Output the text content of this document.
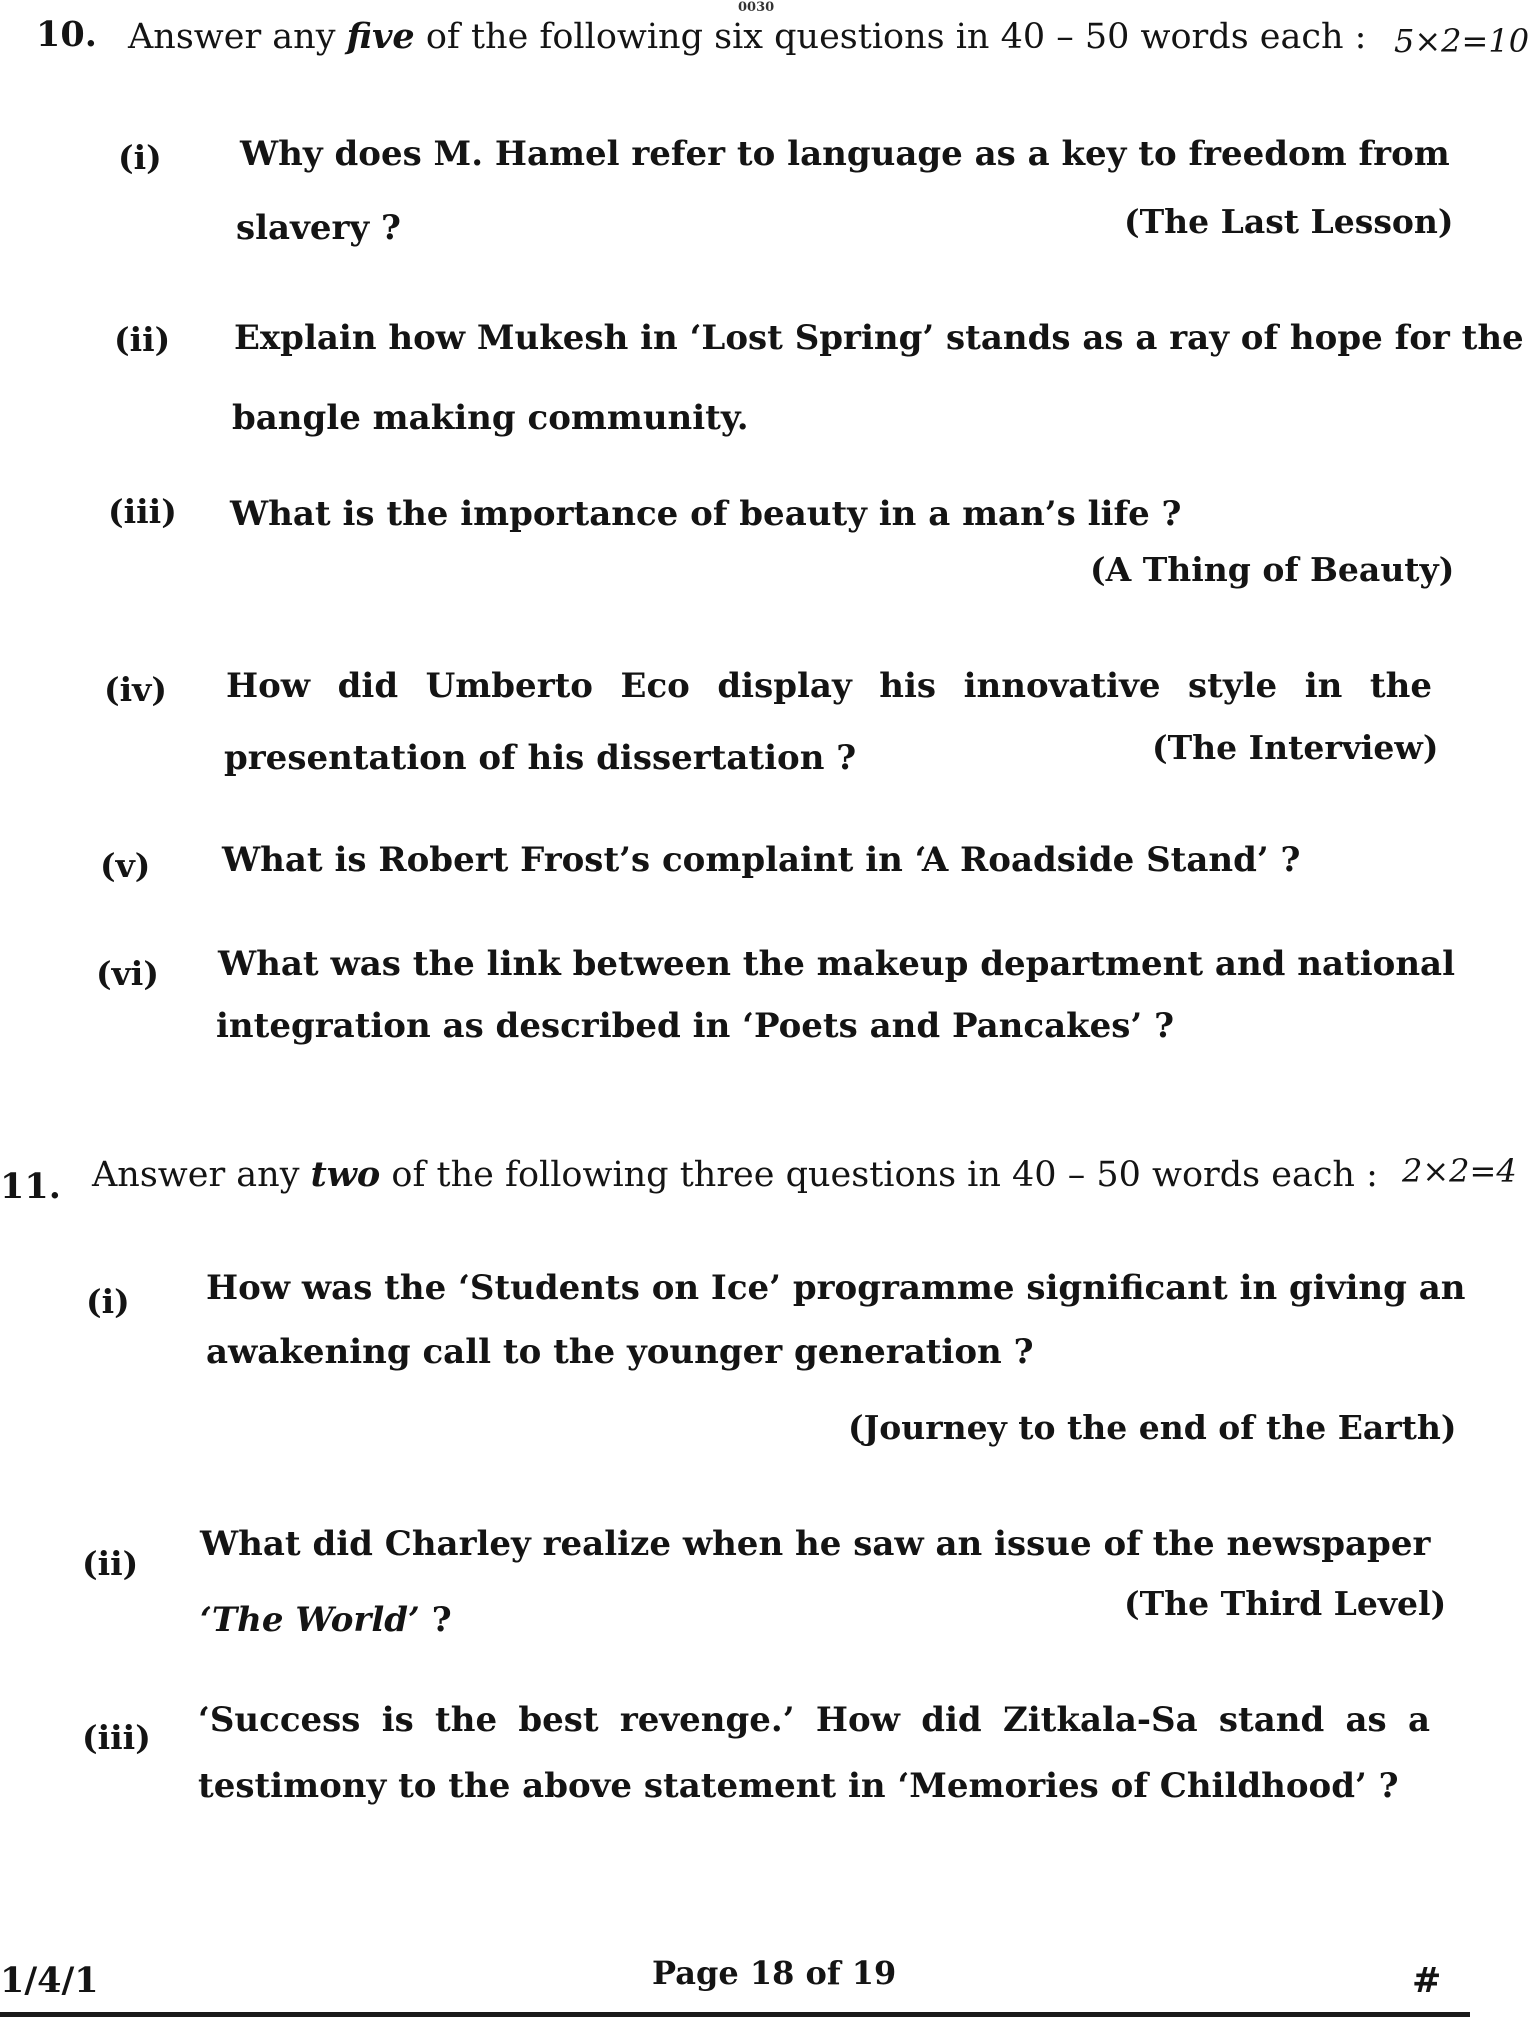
0030
10. Answer any five of the following six questions in 40 – 50 words each : 5×2=10
(i) Why does M. Hamel refer to language as a key to freedom from
slavery ?	(The Last Lesson)
(ii) Explain how Mukesh in ‘Lost Spring’ stands as a ray of hope for the
bangle making community.
(iii) What is the importance of beauty in a man’s life ?
(A Thing of Beauty)
(iv) How did Umberto Eco display his innovative style in the
presentation of his dissertation ?	(The Interview)
(v) What is Robert Frost’s complaint in ‘A Roadside Stand’ ?
(vi) What was the link between the makeup department and national
integration as described in ‘Poets and Pancakes’ ?
11. Answer any two of the following three questions in 40 – 50 words each : 2×2=4
(i) How was the ‘Students on Ice’ programme significant in giving an
awakening call to the younger generation ?
(Journey to the end of the Earth)
(ii) What did Charley realize when he saw an issue of the newspaper
‘The World’ ?	(The Third Level)
(iii) ‘Success is the best revenge.’ How did Zitkala-Sa stand as a
testimony to the above statement in ‘Memories of Childhood’ ?
1/4/1	Page 18 of 19	#
